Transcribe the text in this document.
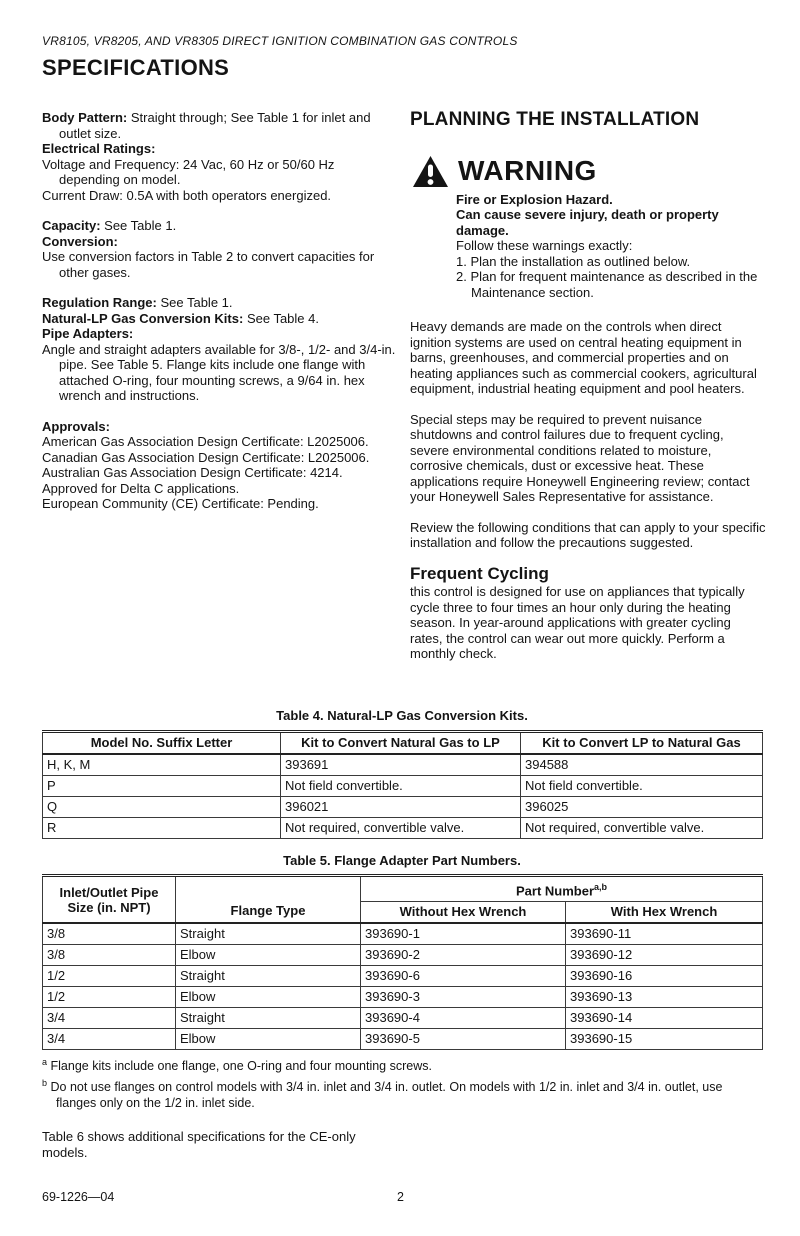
VR8105, VR8205, AND VR8305 DIRECT IGNITION COMBINATION GAS CONTROLS
SPECIFICATIONS

Body Pattern: Straight through; See Table 1 for inlet and outlet size.

Electrical Ratings:
Voltage and Frequency: 24 Vac, 60 Hz or 50/60 Hz depending on model.
Current Draw: 0.5A with both operators energized.

Capacity: See Table 1.

Conversion:
Use conversion factors in Table 2 to convert capacities for other gases.

Regulation Range: See Table 1.

Natural-LP Gas Conversion Kits: See Table 4.

Pipe Adapters:
Angle and straight adapters available for 3/8-, 1/2- and 3/4-in. pipe. See Table 5. Flange kits include one flange with attached O-ring, four mounting screws, a 9/64 in. hex wrench and instructions.
Approvals:
American Gas Association Design Certificate: L2025006.
Canadian Gas Association Design Certificate: L2025006.
Australian Gas Association Design Certificate: 4214.
Approved for Delta C applications.
European Community (CE) Certificate: Pending.
PLANNING THE INSTALLATION
WARNING
Fire or Explosion Hazard.
Can cause severe injury, death or property damage.
Follow these warnings exactly:
1. Plan the installation as outlined below.
2. Plan for frequent maintenance as described in the Maintenance section.

Heavy demands are made on the controls when direct ignition systems are used on central heating equipment in barns, greenhouses, and commercial properties and on heating appliances such as commercial cookers, agricultural equipment, industrial heating equipment and pool heaters.

Special steps may be required to prevent nuisance shutdowns and control failures due to frequent cycling, severe environmental conditions related to moisture, corrosive chemicals, dust or excessive heat. These applications require Honeywell Engineering review; contact your Honeywell Sales Representative for assistance.

Review the following conditions that can apply to your specific installation and follow the precautions suggested.

Frequent Cycling

this control is designed for use on appliances that typically cycle three to four times an hour only during the heating season. In year-around applications with greater cycling rates, the control can wear out more quickly. Perform a monthly check.

Table 4. Natural-LP Gas Conversion Kits.
Model No. Suffix Letter	Kit to Convert Natural Gas to LP	Kit to Convert LP to Natural Gas
H, K, M	393691	394588
P	Not field convertible.	Not field convertible.
Q	396021	396025
R	Not required, convertible valve.	Not required, convertible valve.
Table 5. Flange Adapter Part Numbers.
Inlet/Outlet Pipe Size (in. NPT)	Flange Type	Part Number$^{a,b}$
		Without Hex Wrench	With Hex Wrench
3/8	Straight	393690-1	393690-11
3/8	Elbow	393690-2	393690-12
1/2	Straight	393690-6	393690-16
1/2	Elbow	393690-3	393690-13
3/4	Straight	393690-4	393690-14
3/4	Elbow	393690-5	393690-15
$^a$ Flange kits include one flange, one O-ring and four mounting screws.
$^b$ Do not use flanges on control models with 3/4 in. inlet and 3/4 in. outlet. On models with 1/2 in. inlet and 3/4 in. outlet, use flanges only on the 1/2 in. inlet side.

Table 6 shows additional specifications for the CE-only models.

69-1226—04	2
